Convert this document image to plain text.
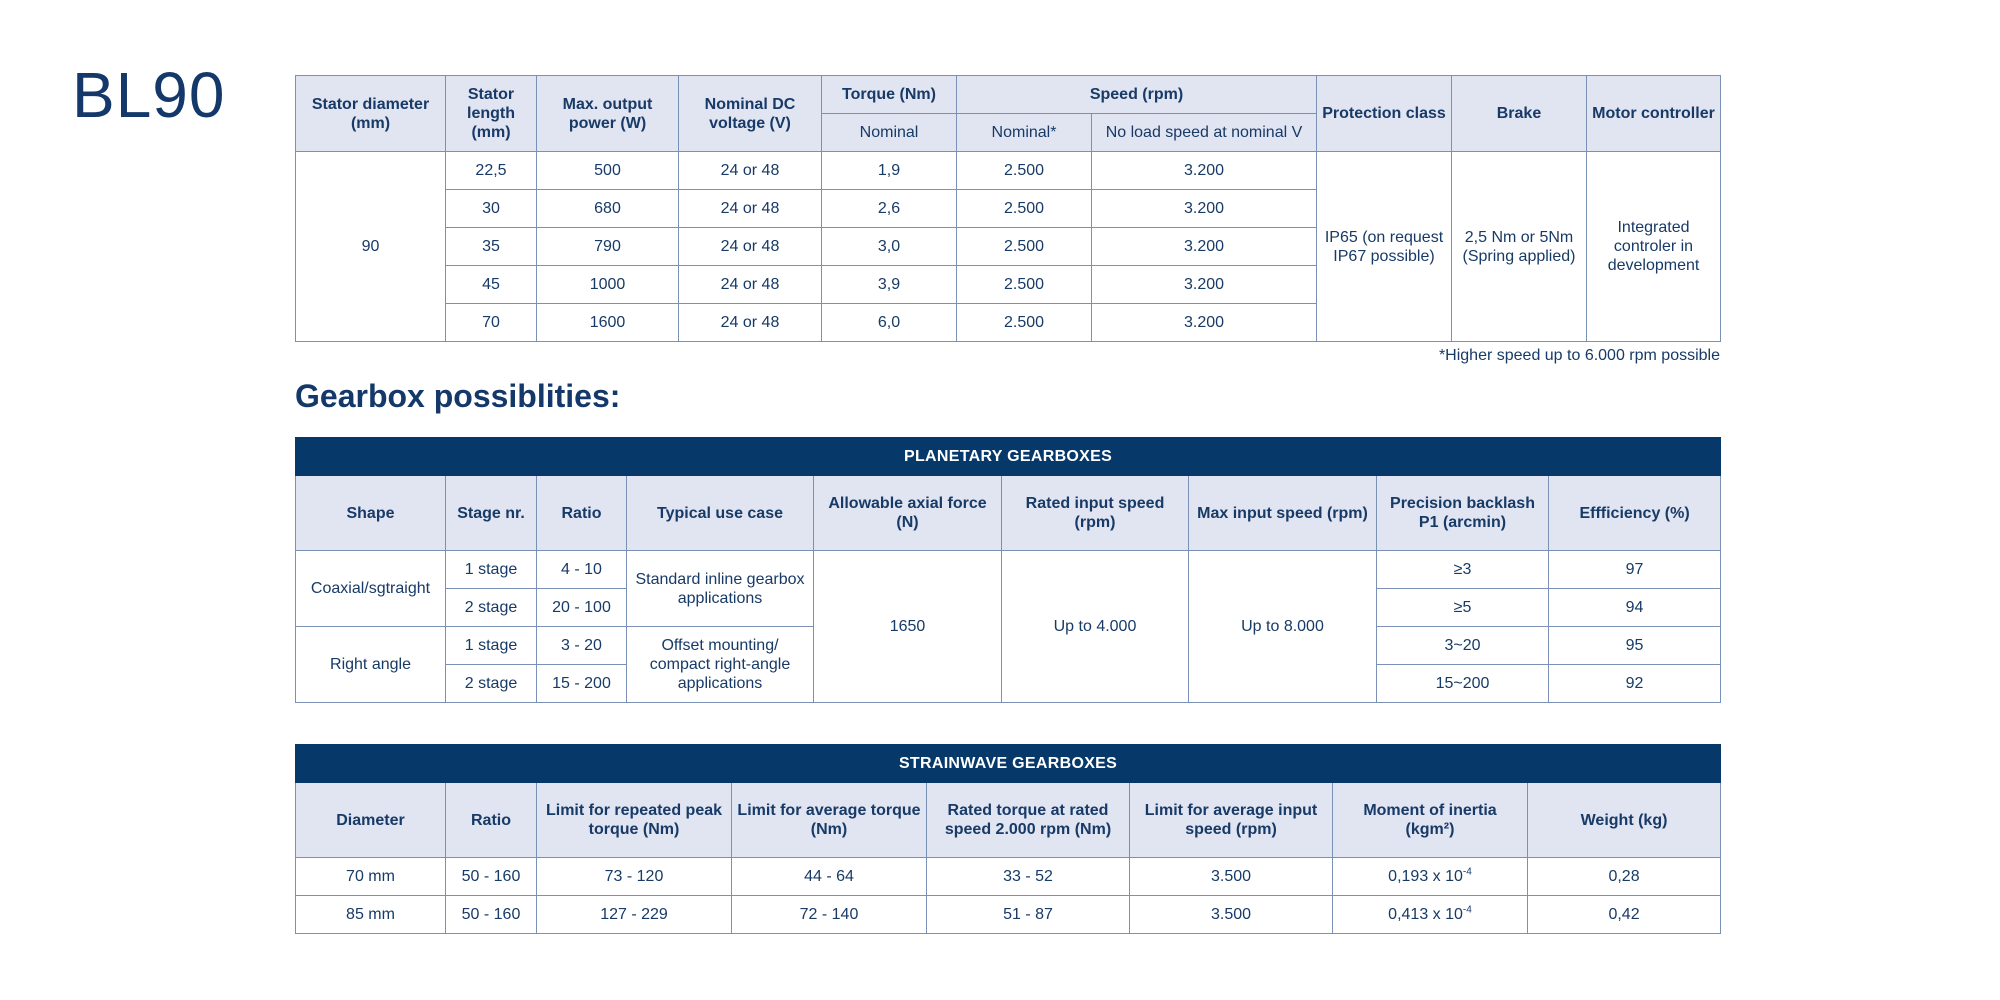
BL90	Stator diameter (mm)	Stator length (mm)	Max. output power (W)	Nominal DC voltage (V)	Torque (Nm)	Speed (rpm)		Protection class	Brake	Motor controller
				Nominal	Nominal*	No load speed at nominal V			
90	22,5	500	24 or 48	1,9	2.500	3.200	IP65 (on request IP67 possible)	2,5 Nm or 5Nm (Spring applied)	Integrated controler in development
	30	680	24 or 48	2,6	2.500	3.200			
	35	790	24 or 48	3,0	2.500	3.200			
	45	1000	24 or 48	3,9	2.500	3.200			
	70	1600	24 or 48	6,0	2.500	3.200			
*Higher speed up to 6.000 rpm possible
Gearbox possiblities:
PLANETARY GEARBOXES								
Shape	Stage nr.	Ratio	Typical use case	Allowable axial force (N)	Rated input speed (rpm)	Max input speed (rpm)	Precision backlash P1 (arcmin)	Effficiency (%)
Coaxial/sgtraight	1 stage	4 - 10	Standard inline gearbox applications	1650	Up to 4.000	Up to 8.000	≥3	97
	2 stage	20 - 100					≥5	94
Right angle	1 stage	3 - 20	Offset mounting/ compact right-angle applications				3~20	95
	2 stage	15 - 200					15~200	92
STRAINWAVE GEARBOXES							
Diameter	Ratio	Limit for repeated peak torque (Nm)	Limit for average torque (Nm)	Rated torque at rated speed 2.000 rpm (Nm)	Limit for average input speed (rpm)	Moment of inertia (kgm²)	Weight (kg)
70 mm	50 - 160	73 - 120	44 - 64	33 - 52	3.500	0,193 x $10^{-4}$	0,28
85 mm	50 - 160	127 - 229	72 - 140	51 - 87	3.500	0,413 x $10^{-4}$	0,42
